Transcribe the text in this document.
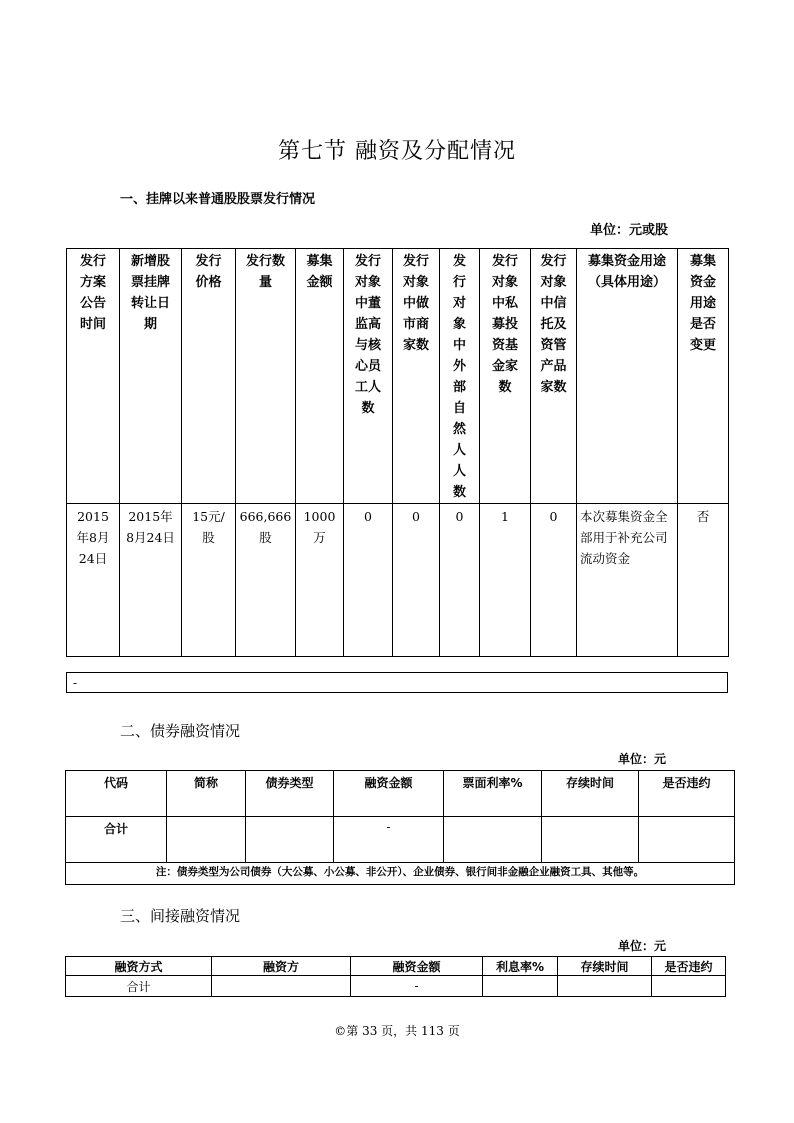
第七节 融资及分配情况
一、挂牌以来普通股股票发行情况
单位：元或股
发行方案公告时间	新增股票挂牌转让日期	发行价格	发行数量	募集金额	发行对象中董监高与核心员工人数	发行对象中做市商家数	发行对象中外部自然人人数	发行对象中私募投资基金家数	发行对象中信托及资管产品家数	募集资金用途（具体用途）	募集资金用途是否变更

2015年8月24日	2015年8月24日	15元/股	666,666股	1000万	0	0	0	1	0	本次募集资金全部用于补充公司流动资金	否
-
二、债券融资情况
单位：元
代码	简称	债券类型	融资金额	票面利率%	存续时间	是否违约
合计			-			
注：债券类型为公司债券（大公募、小公募、非公开）、企业债券、银行间非金融企业融资工具、其他等。						
三、间接融资情况
单位：元
融资方式	融资方	融资金额	利息率%	存续时间	是否违约
合计		-			
©第 33 页，共 113 页
